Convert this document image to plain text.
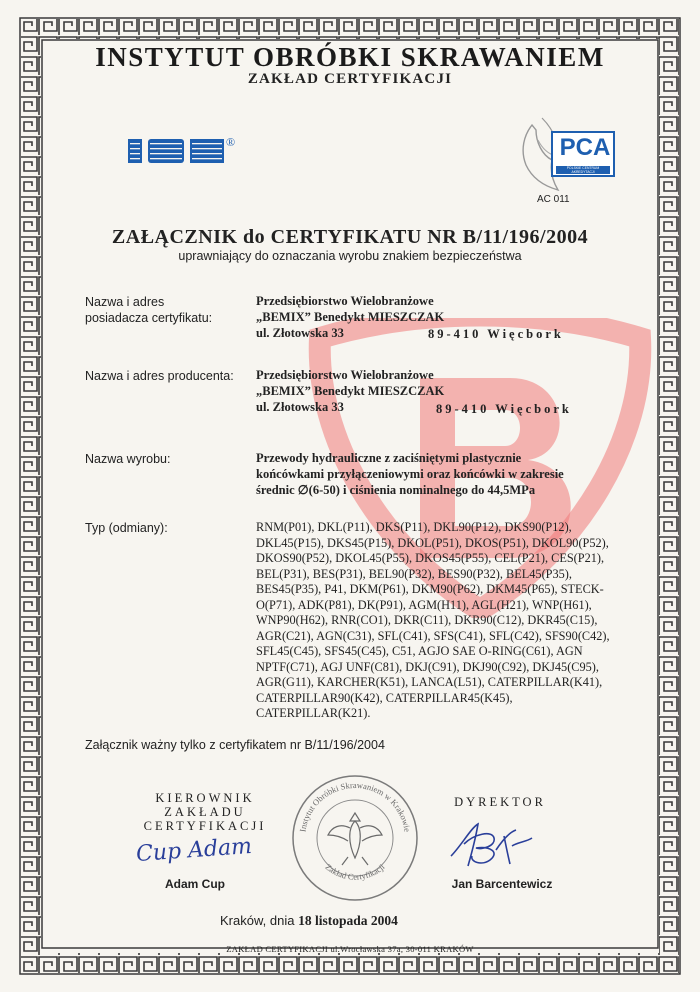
INSTYTUT OBRÓBKI SKRAWANIEM
ZAKŁAD CERTYFIKACJI
®	PCA
POLSKIE CENTRUM AKREDYTACJI
AC 011
ZAŁĄCZNIK do CERTYFIKATU NR B/11/196/2004
uprawniający do oznaczania wyrobu znakiem bezpieczeństwa
Nazwa i adres
posiadacza certyfikatu:
Przedsiębiorstwo Wielobranżowe
„BEMIX” Benedykt MIESZCZAK
ul. Złotowska 33	89-410 Więcbork
Nazwa i adres producenta: Przedsiębiorstwo Wielobranżowe
„BEMIX” Benedykt MIESZCZAK
ul. Złotowska 33	89-410 Więcbork
Nazwa wyrobu:	Przewody hydrauliczne z zaciśniętymi plastycznie
końcówkami przyłączeniowymi oraz końcówki w zakresie
średnic ∅(6-50) i ciśnienia nominalnego do 44,5MPa
Typ (odmiany):	RNM(P01), DKL(P11), DKS(P11), DKL90(P12), DKS90(P12),
DKL45(P15), DKS45(P15), DKOL(P51), DKOS(P51), DKOL90(P52),
DKOS90(P52), DKOL45(P55), DKOS45(P55), CEL(P21), CES(P21),
BEL(P31), BES(P31), BEL90(P32), BES90(P32), BEL45(P35),
BES45(P35), P41, DKM(P61), DKM90(P62), DKM45(P65), STECK-
O(P71), ADK(P81), DK(P91), AGM(H11), AGL(H21), WNP(H61),
WNP90(H62), RNR(CO1), DKR(C11), DKR90(C12), DKR45(C15),
AGR(C21), AGN(C31), SFL(C41), SFS(C41), SFL(C42), SFS90(C42),
SFL45(C45), SFS45(C45), C51, AGJO SAE O-RING(C61), AGN
NPTF(C71), AGJ UNF(C81), DKJ(C91), DKJ90(C92), DKJ45(C95),
AGR(G11), KARCHER(K51), LANCA(L51), CATERPILLAR(K41),
CATERPILLAR90(K42), CATERPILLAR45(K45),
CATERPILLAR(K21).
Załącznik ważny tylko z certyfikatem nr B/11/196/2004
KIEROWNIK
ZAKŁADU
CERTYFIKACJI
Cup Adam
Adam Cup
Instytut Obróbki Skrawaniem w Krakowie
Zakład Certyfikacji
DYREKTOR
Jan Barcentewicz
Kraków, dnia 18 listopada 2004
ZAKŁAD CERTYFIKACJI ul.Wrocławska 37a, 30-011 KRAKÓW
